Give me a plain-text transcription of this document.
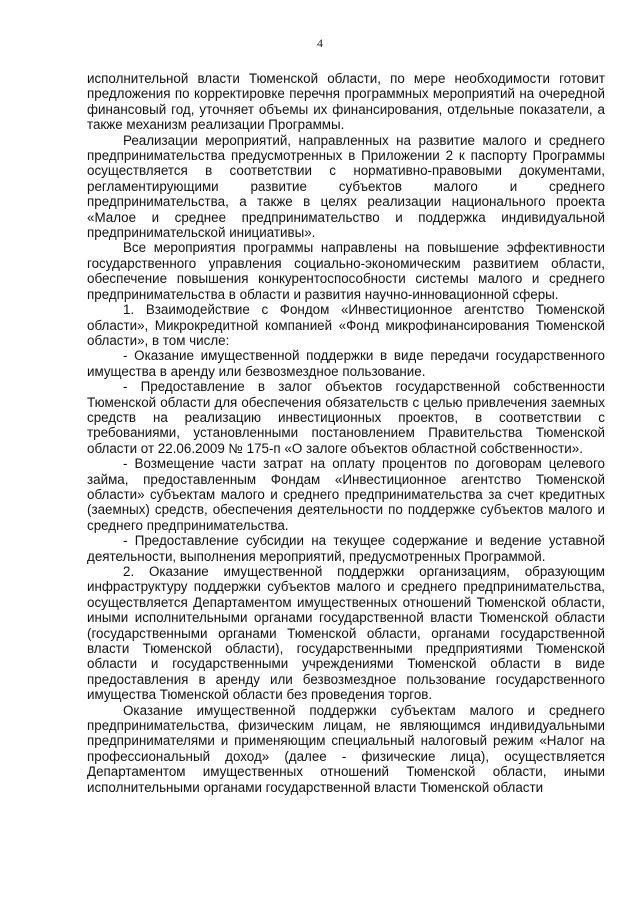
4

исполнительной власти Тюменской области, по мере необходимости готовит предложения по корректировке перечня программных мероприятий на очередной финансовый год, уточняет объемы их финансирования, отдельные показатели, а также механизм реализации Программы.

Реализации мероприятий, направленных на развитие малого и среднего предпринимательства предусмотренных в Приложении 2 к паспорту Программы осуществляется в соответствии с нормативно-правовыми документами, регламентирующими развитие субъектов малого и среднего предпринимательства, а также в целях реализации национального проекта «Малое и среднее предпринимательство и поддержка индивидуальной предпринимательской инициативы».

Все мероприятия программы направлены на повышение эффективности государственного управления социально-экономическим развитием области, обеспечение повышения конкурентоспособности системы малого и среднего предпринимательства в области и развития научно-инновационной сферы.

1. Взаимодействие с Фондом «Инвестиционное агентство Тюменской области», Микрокредитной компанией «Фонд микрофинансирования Тюменской области», в том числе:

- Оказание имущественной поддержки в виде передачи государственного имущества в аренду или безвозмездное пользование.

- Предоставление в залог объектов государственной собственности Тюменской области для обеспечения обязательств с целью привлечения заемных средств на реализацию инвестиционных проектов, в соответствии с требованиями, установленными постановлением Правительства Тюменской области от 22.06.2009 № 175-п «О залоге объектов областной собственности».

- Возмещение части затрат на оплату процентов по договорам целевого займа, предоставленным Фондам «Инвестиционное агентство Тюменской области» субъектам малого и среднего предпринимательства за счет кредитных (заемных) средств, обеспечения деятельности по поддержке субъектов малого и среднего предпринимательства.

- Предоставление субсидии на текущее содержание и ведение уставной деятельности, выполнения мероприятий, предусмотренных Программой.

2. Оказание имущественной поддержки организациям, образующим инфраструктуру поддержки субъектов малого и среднего предпринимательства, осуществляется Департаментом имущественных отношений Тюменской области, иными исполнительными органами государственной власти Тюменской области (государственными органами Тюменской области, органами государственной власти Тюменской области), государственными предприятиями Тюменской области и государственными учреждениями Тюменской области в виде предоставления в аренду или безвозмездное пользование государственного имущества Тюменской области без проведения торгов.

Оказание имущественной поддержки субъектам малого и среднего предпринимательства, физическим лицам, не являющимся индивидуальными предпринимателями и применяющим специальный налоговый режим «Налог на профессиональный доход» (далее - физические лица), осуществляется Департаментом имущественных отношений Тюменской области, иными исполнительными органами государственной власти Тюменской области
